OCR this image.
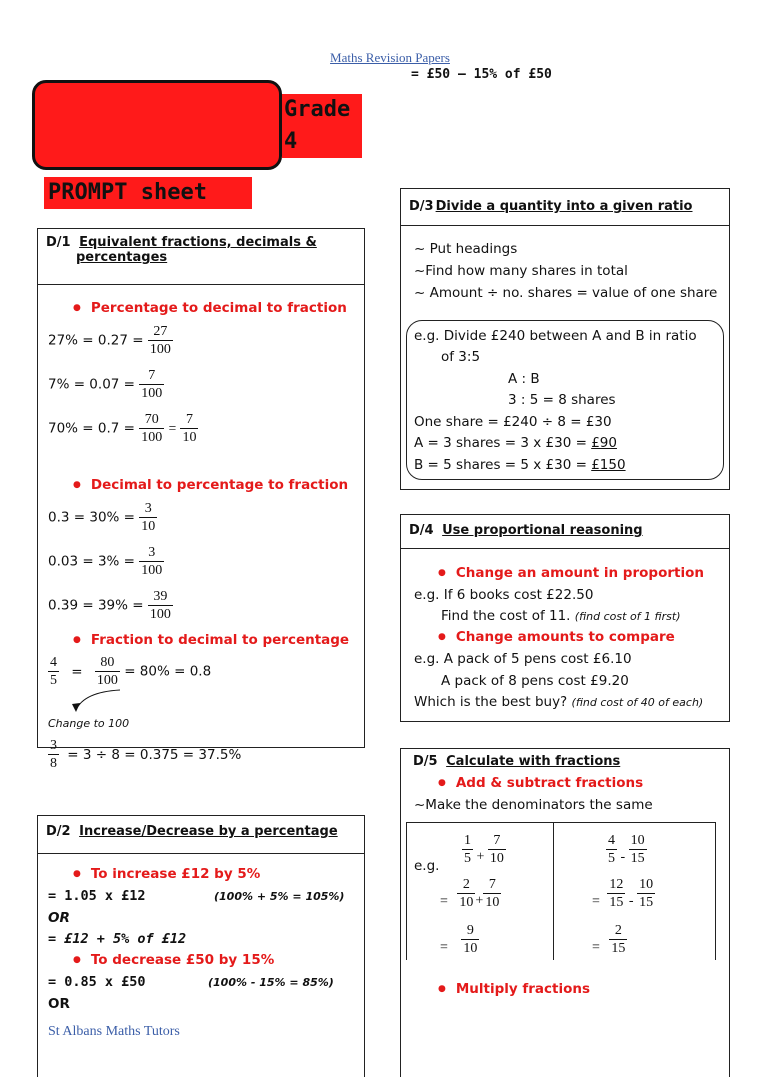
Maths Revision Papers
= £50 – 15% of £50
Grade
4
PROMPT sheet
D/1 Equivalent fractions, decimals &
percentages
● Percentage to decimal to fraction
$27\% = 0.27 = \frac{27}{100}$
$7\% = 0.07 = \frac{7}{100}$
$70\% = 0.7 = \frac{70}{100} = \frac{7}{10}$
● Decimal to percentage to fraction
$0.3 = 30\% = \frac{3}{10}$
$0.03 = 3\% = \frac{3}{100}$
$0.39 = 39\% = \frac{39}{100}$
● Fraction to decimal to percentage
$\frac{4}{5} = \frac{80}{100} = 80\% = 0.8$
Change to 100
$\frac{3}{8} = 3 \div 8 = 0.375 = 37.5\%$
D/2 Increase/Decrease by a percentage
● To increase £12 by 5%
= 1.05 x £12	(100% + 5% = 105%)
OR
= £12 + 5% of £12
● To decrease £50 by 15%
= 0.85 x £50	(100% - 15% = 85%)
OR
St Albans Maths Tutors
D/3 Divide a quantity into a given ratio
~ Put headings
~Find how many shares in total
~ Amount ÷ no. shares = value of one share
e.g. Divide £240 between A and B in ratio
of 3:5
A : B
3 : 5 = 8 shares
One share = £240 ÷ 8 = £30
A = 3 shares = 3 x £30 = £90
B = 5 shares = 5 x £30 = £150
D/4 Use proportional reasoning
● Change an amount in proportion
e.g. If 6 books cost £22.50
Find the cost of 11. (find cost of 1 first)
● Change amounts to compare
e.g. A pack of 5 pens cost £6.10
A pack of 8 pens cost £9.20
Which is the best buy? (find cost of 40 of each)
D/5 Calculate with fractions
● Add & subtract fractions
~Make the denominators the same
e.g. $\frac{1}{5} + \frac{7}{10}$
= $\frac{2}{10} + \frac{7}{10}$
= $\frac{9}{10}$
$\frac{4}{5} - \frac{10}{15}$
= $\frac{12}{15} - \frac{10}{15}$
= $\frac{2}{15}$
● Multiply fractions
